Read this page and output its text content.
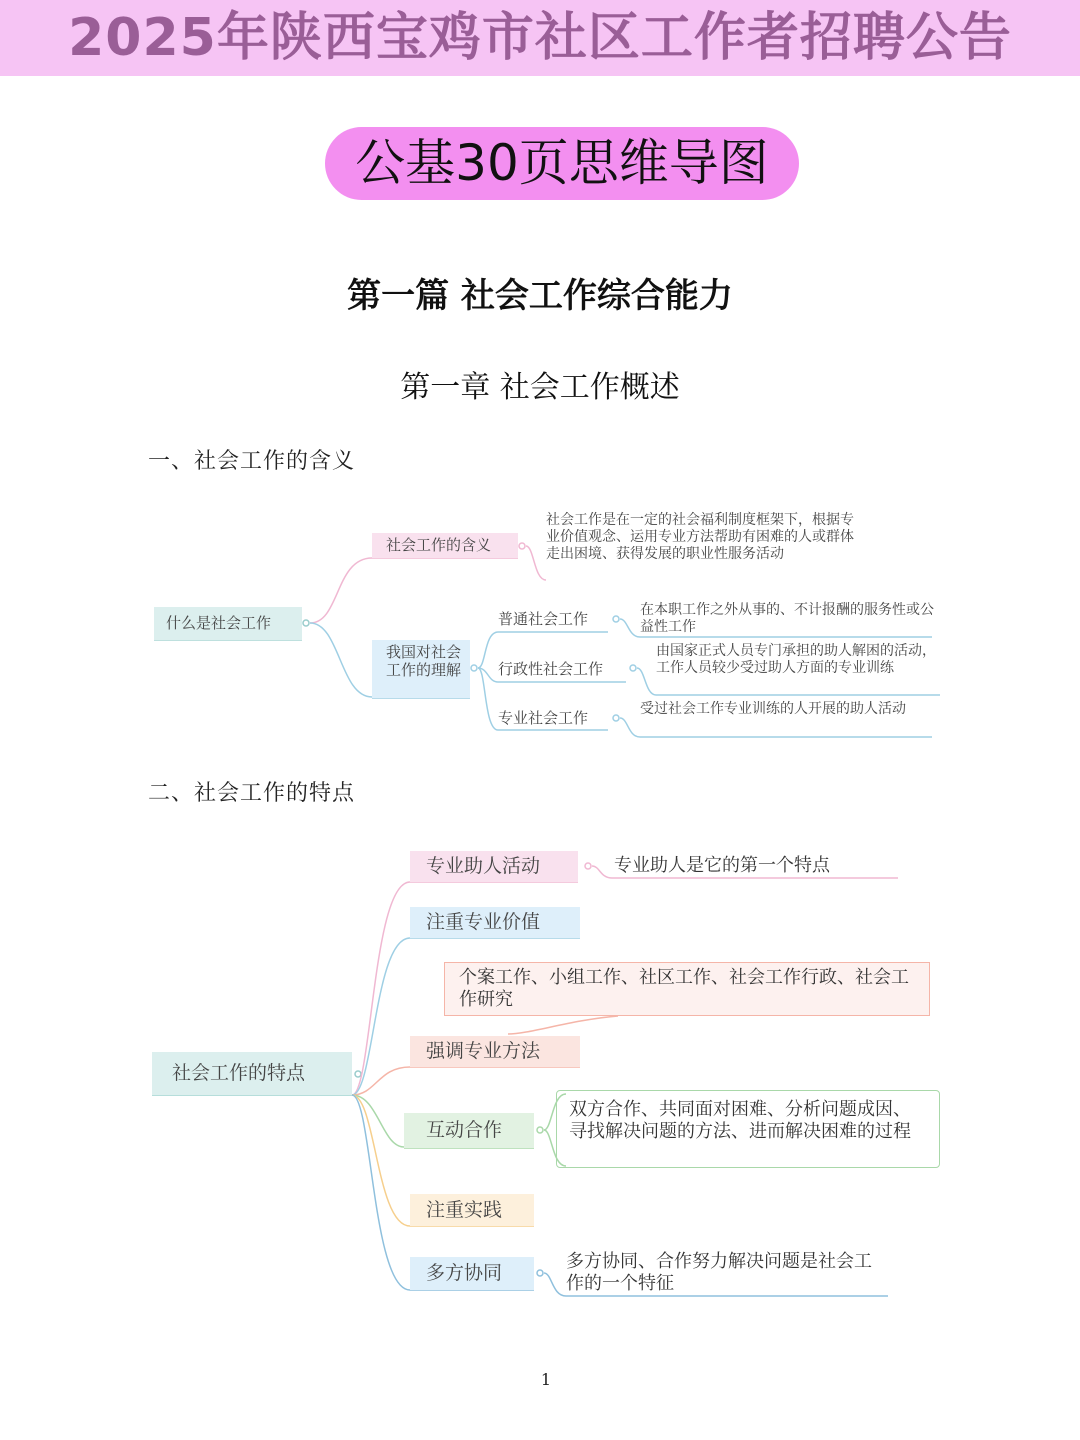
2025年陕西宝鸡市社区工作者招聘公告
公基30页思维导图
第一篇 社会工作综合能力
第一章 社会工作概述
一、社会工作的含义
二、社会工作的特点
什么是社会工作
社会工作的含义
社会工作是在一定的社会福利制度框架下，根据专业价值观念、运用专业方法帮助有困难的人或群体走出困境、获得发展的职业性服务活动
我国对社会工作的理解
普通社会工作	在本职工作之外从事的、不计报酬的服务性或公益性工作
行政性社会工作
由国家正式人员专门承担的助人解困的活动，工作人员较少受过助人方面的专业训练
专业社会工作	受过社会工作专业训练的人开展的助人活动
社会工作的特点
专业助人活动	专业助人是它的第一个特点
注重专业价值
个案工作、小组工作、社区工作、社会工作行政、社会工作研究
强调专业方法
互动合作
双方合作、共同面对困难、分析问题成因、寻找解决问题的方法、进而解决困难的过程
注重实践
多方协同
多方协同、合作努力解决问题是社会工作的一个特征
1
